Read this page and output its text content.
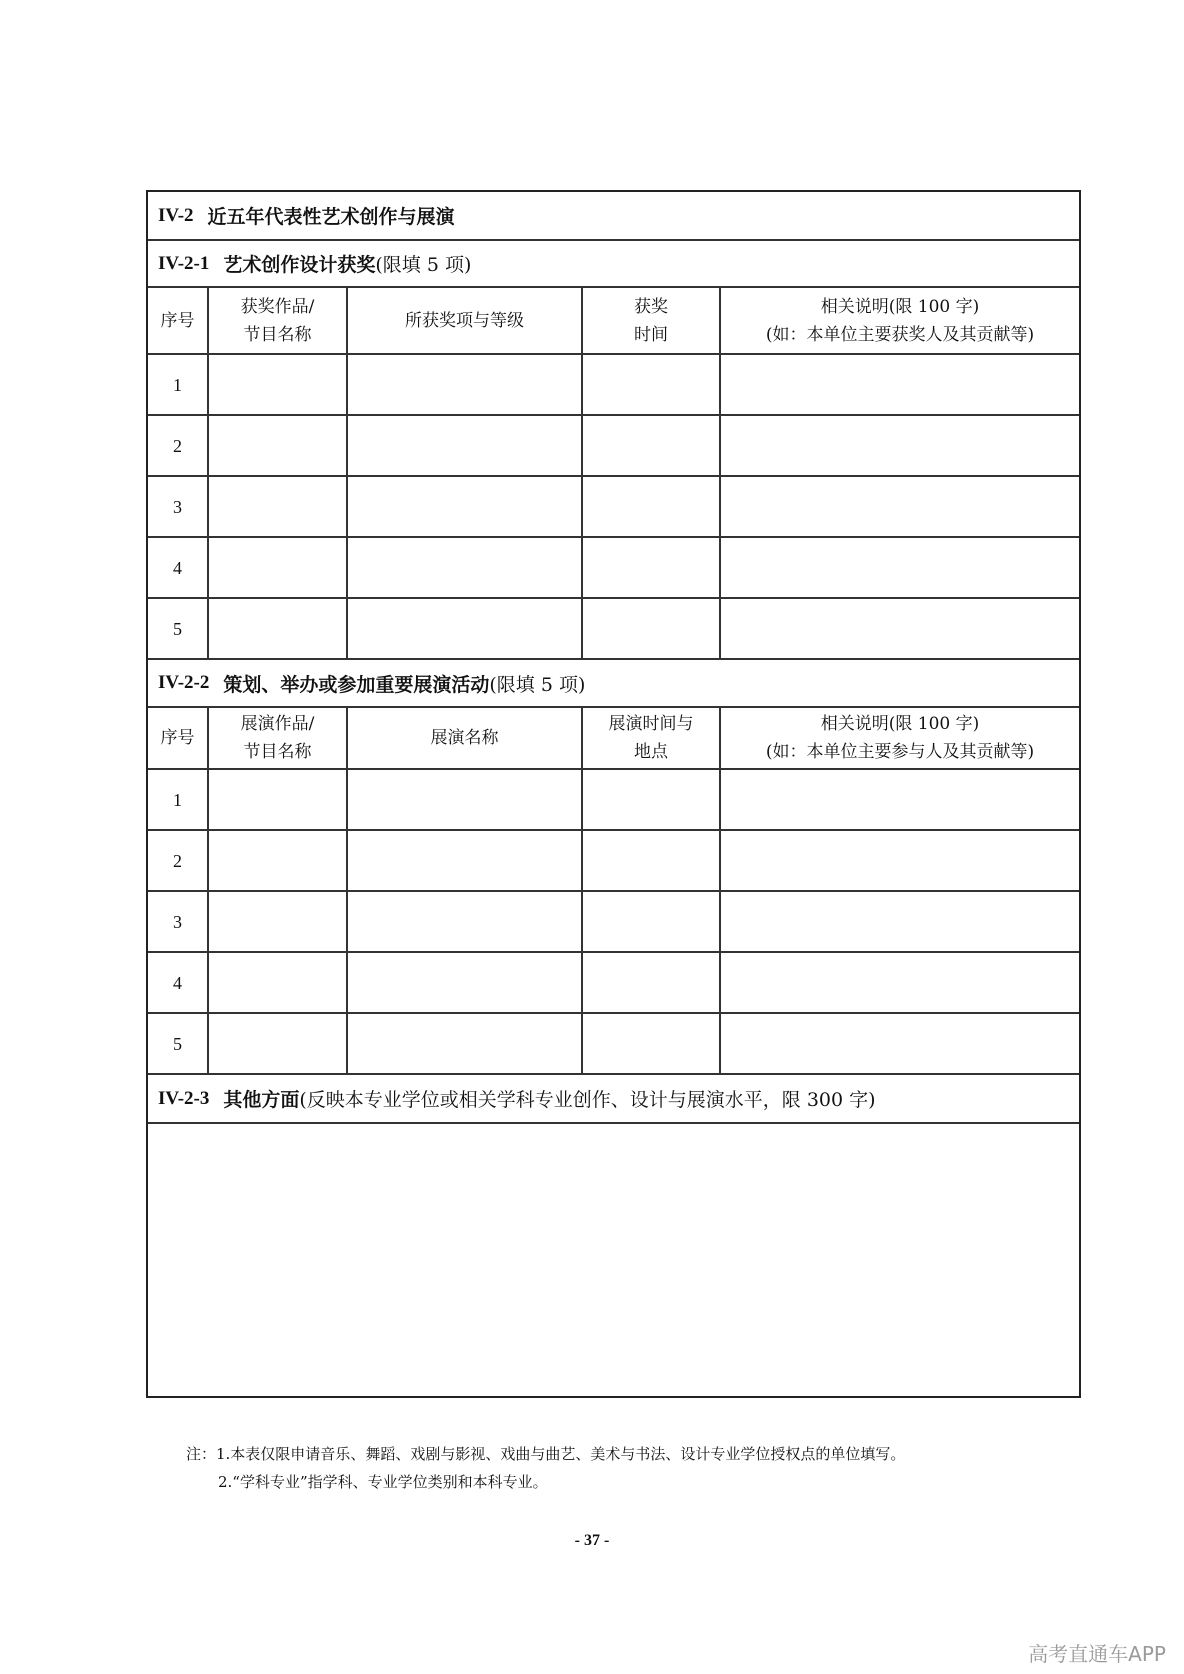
IV-2 近五年代表性艺术创作与展演
IV-2-1 艺术创作设计获奖 (限填 5 项)
序号
获奖作品/
节目名称
所获奖项与等级
获奖
时间
相关说明(限 100 字)
(如：本单位主要获奖人及其贡献等)
1
2
3
4
5
IV-2-2 策划、举办或参加重要展演活动 (限填 5 项)
序号
展演作品/
节目名称
展演名称
展演时间与
地点
相关说明(限 100 字)
(如：本单位主要参与人及其贡献等)
1
2
3
4
5
IV-2-3 其他方面 (反映本专业学位或相关学科专业创作、设计与展演水平，限 300 字)
注：1.本表仅限申请音乐、舞蹈、戏剧与影视、戏曲与曲艺、美术与书法、设计专业学位授权点的单位填写。
2.“学科专业”指学科、专业学位类别和本科专业。
- 37 -
高考直通车APP
